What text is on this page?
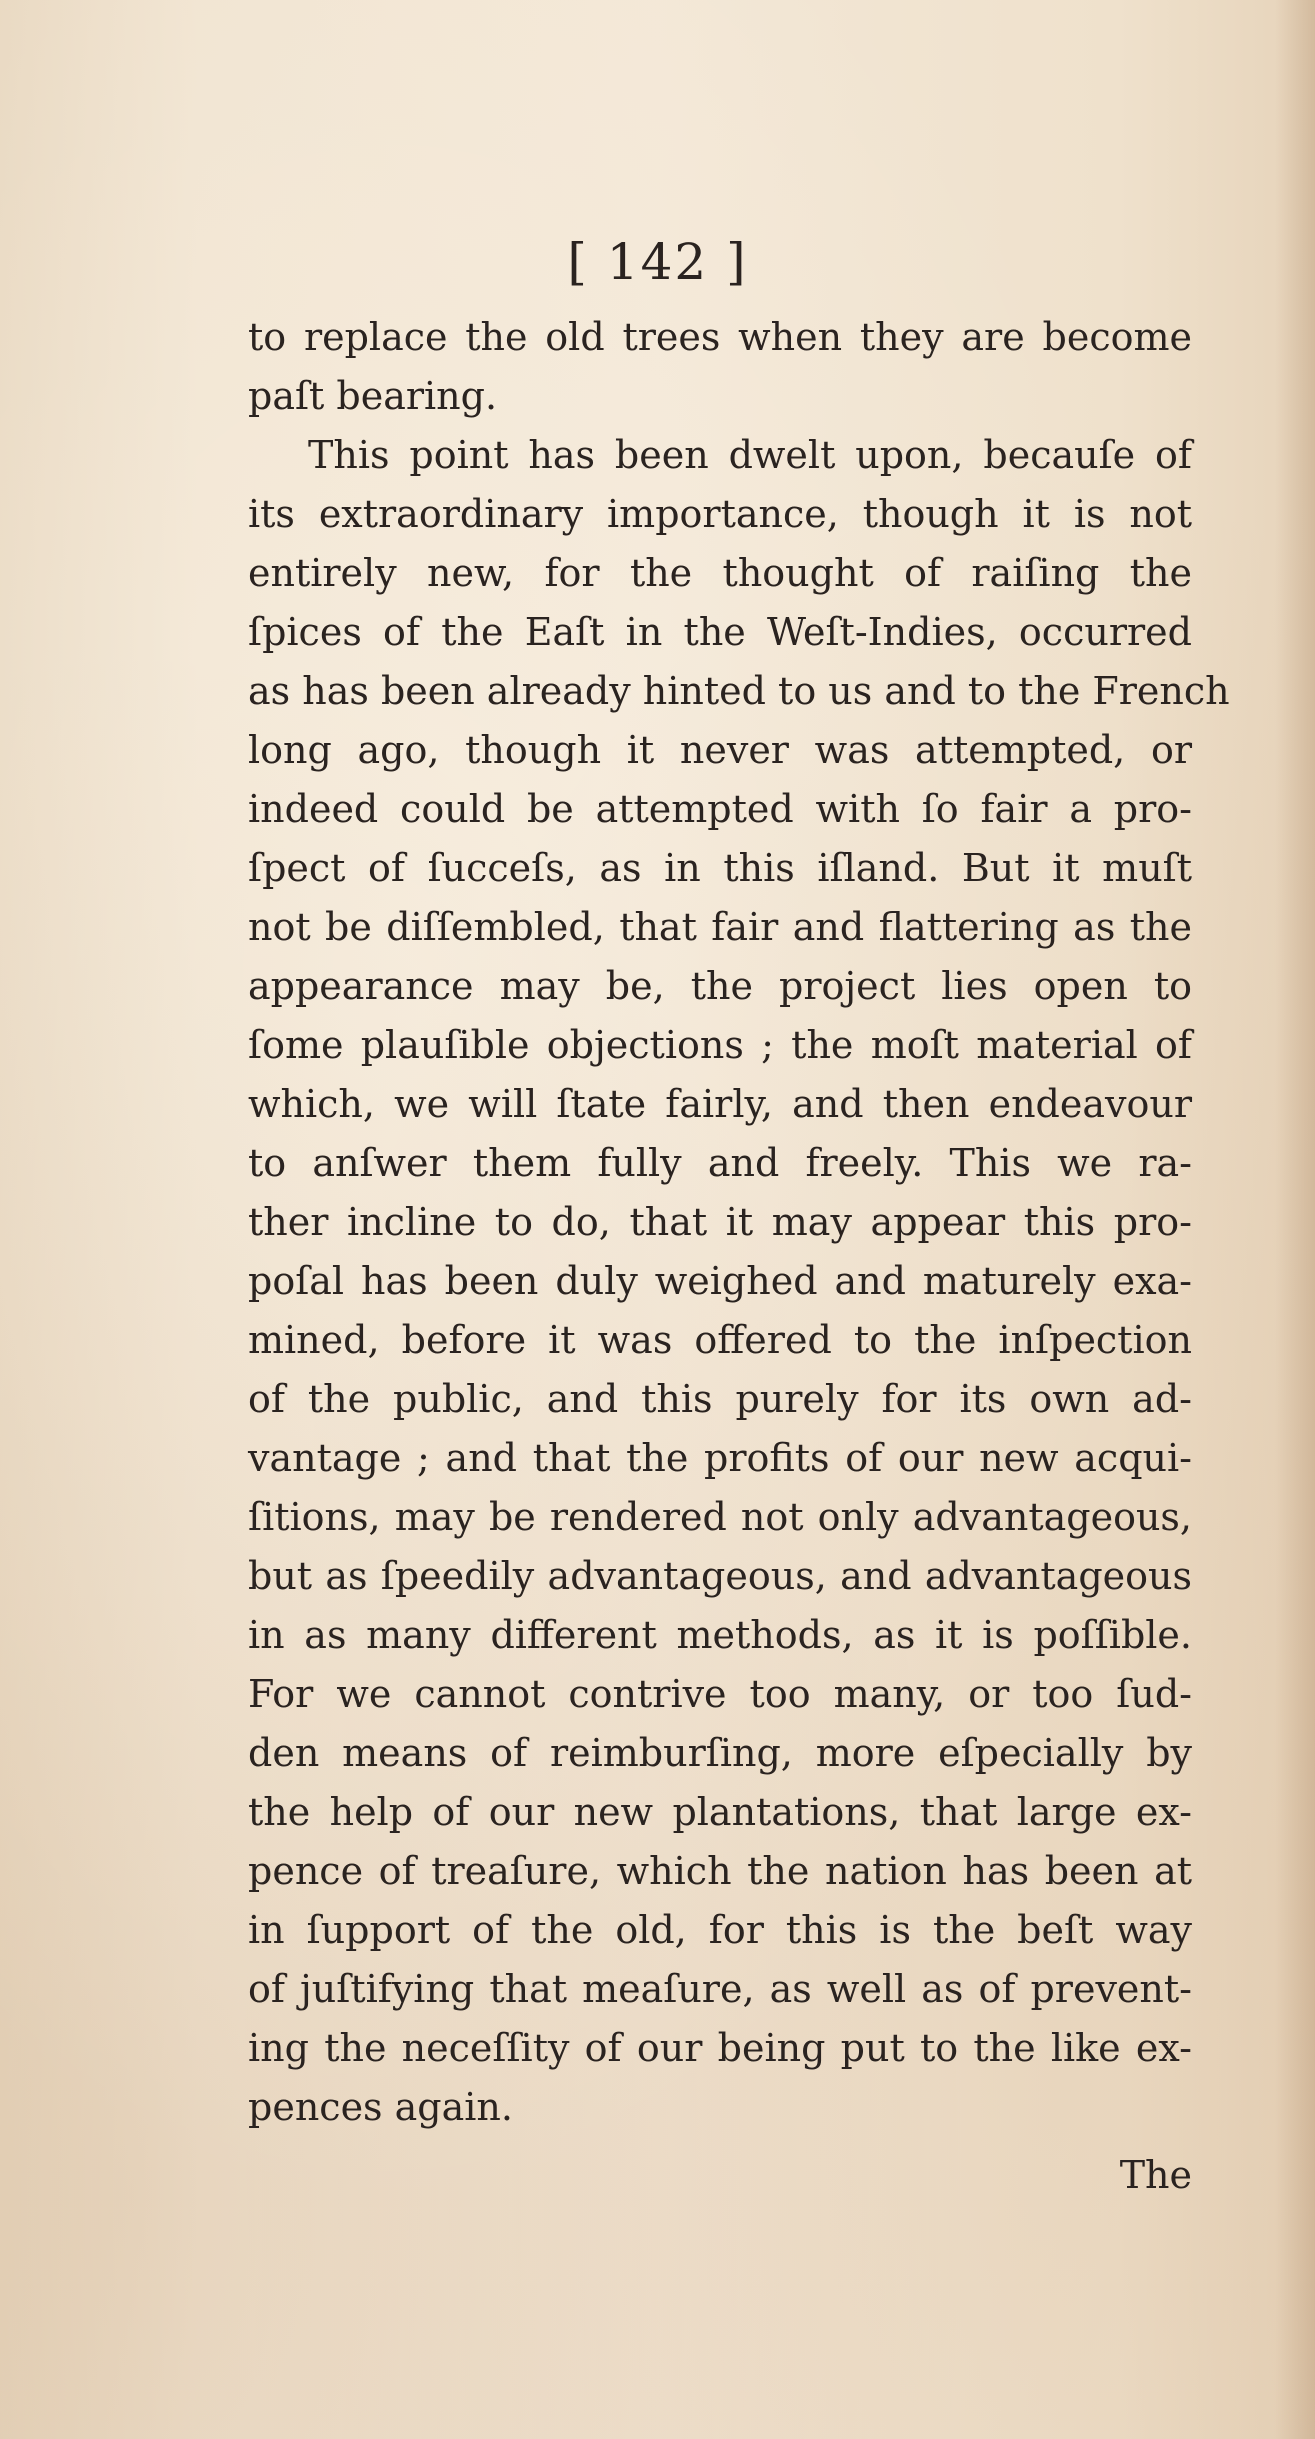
[ 142 ]
to replace the old trees when they are become
paſt bearing.
This point has been dwelt upon, becauſe of
its extraordinary importance, though it is not
entirely new, for the thought of raiſing the
ſpices of the Eaſt in the Weſt-Indies, occurred
as has been already hinted to us and to the French
long ago, though it never was attempted, or
indeed could be attempted with ſo fair a pro-
ſpect of ſucceſs, as in this iſland. But it muſt
not be diſſembled, that fair and flattering as the
appearance may be, the project lies open to
ſome plauſible objections ; the moſt material of
which, we will ſtate fairly, and then endeavour
to anſwer them fully and freely. This we ra-
ther incline to do, that it may appear this pro-
poſal has been duly weighed and maturely exa-
mined, before it was offered to the inſpection
of the public, and this purely for its own ad-
vantage ; and that the profits of our new acqui-
ſitions, may be rendered not only advantageous,
but as ſpeedily advantageous, and advantageous
in as many different methods, as it is poſſible.
For we cannot contrive too many, or too ſud-
den means of reimburſing, more eſpecially by
the help of our new plantations, that large ex-
pence of treaſure, which the nation has been at
in ſupport of the old, for this is the beſt way
of juſtifying that meaſure, as well as of prevent-
ing the neceſſity of our being put to the like ex-
pences again.
The
